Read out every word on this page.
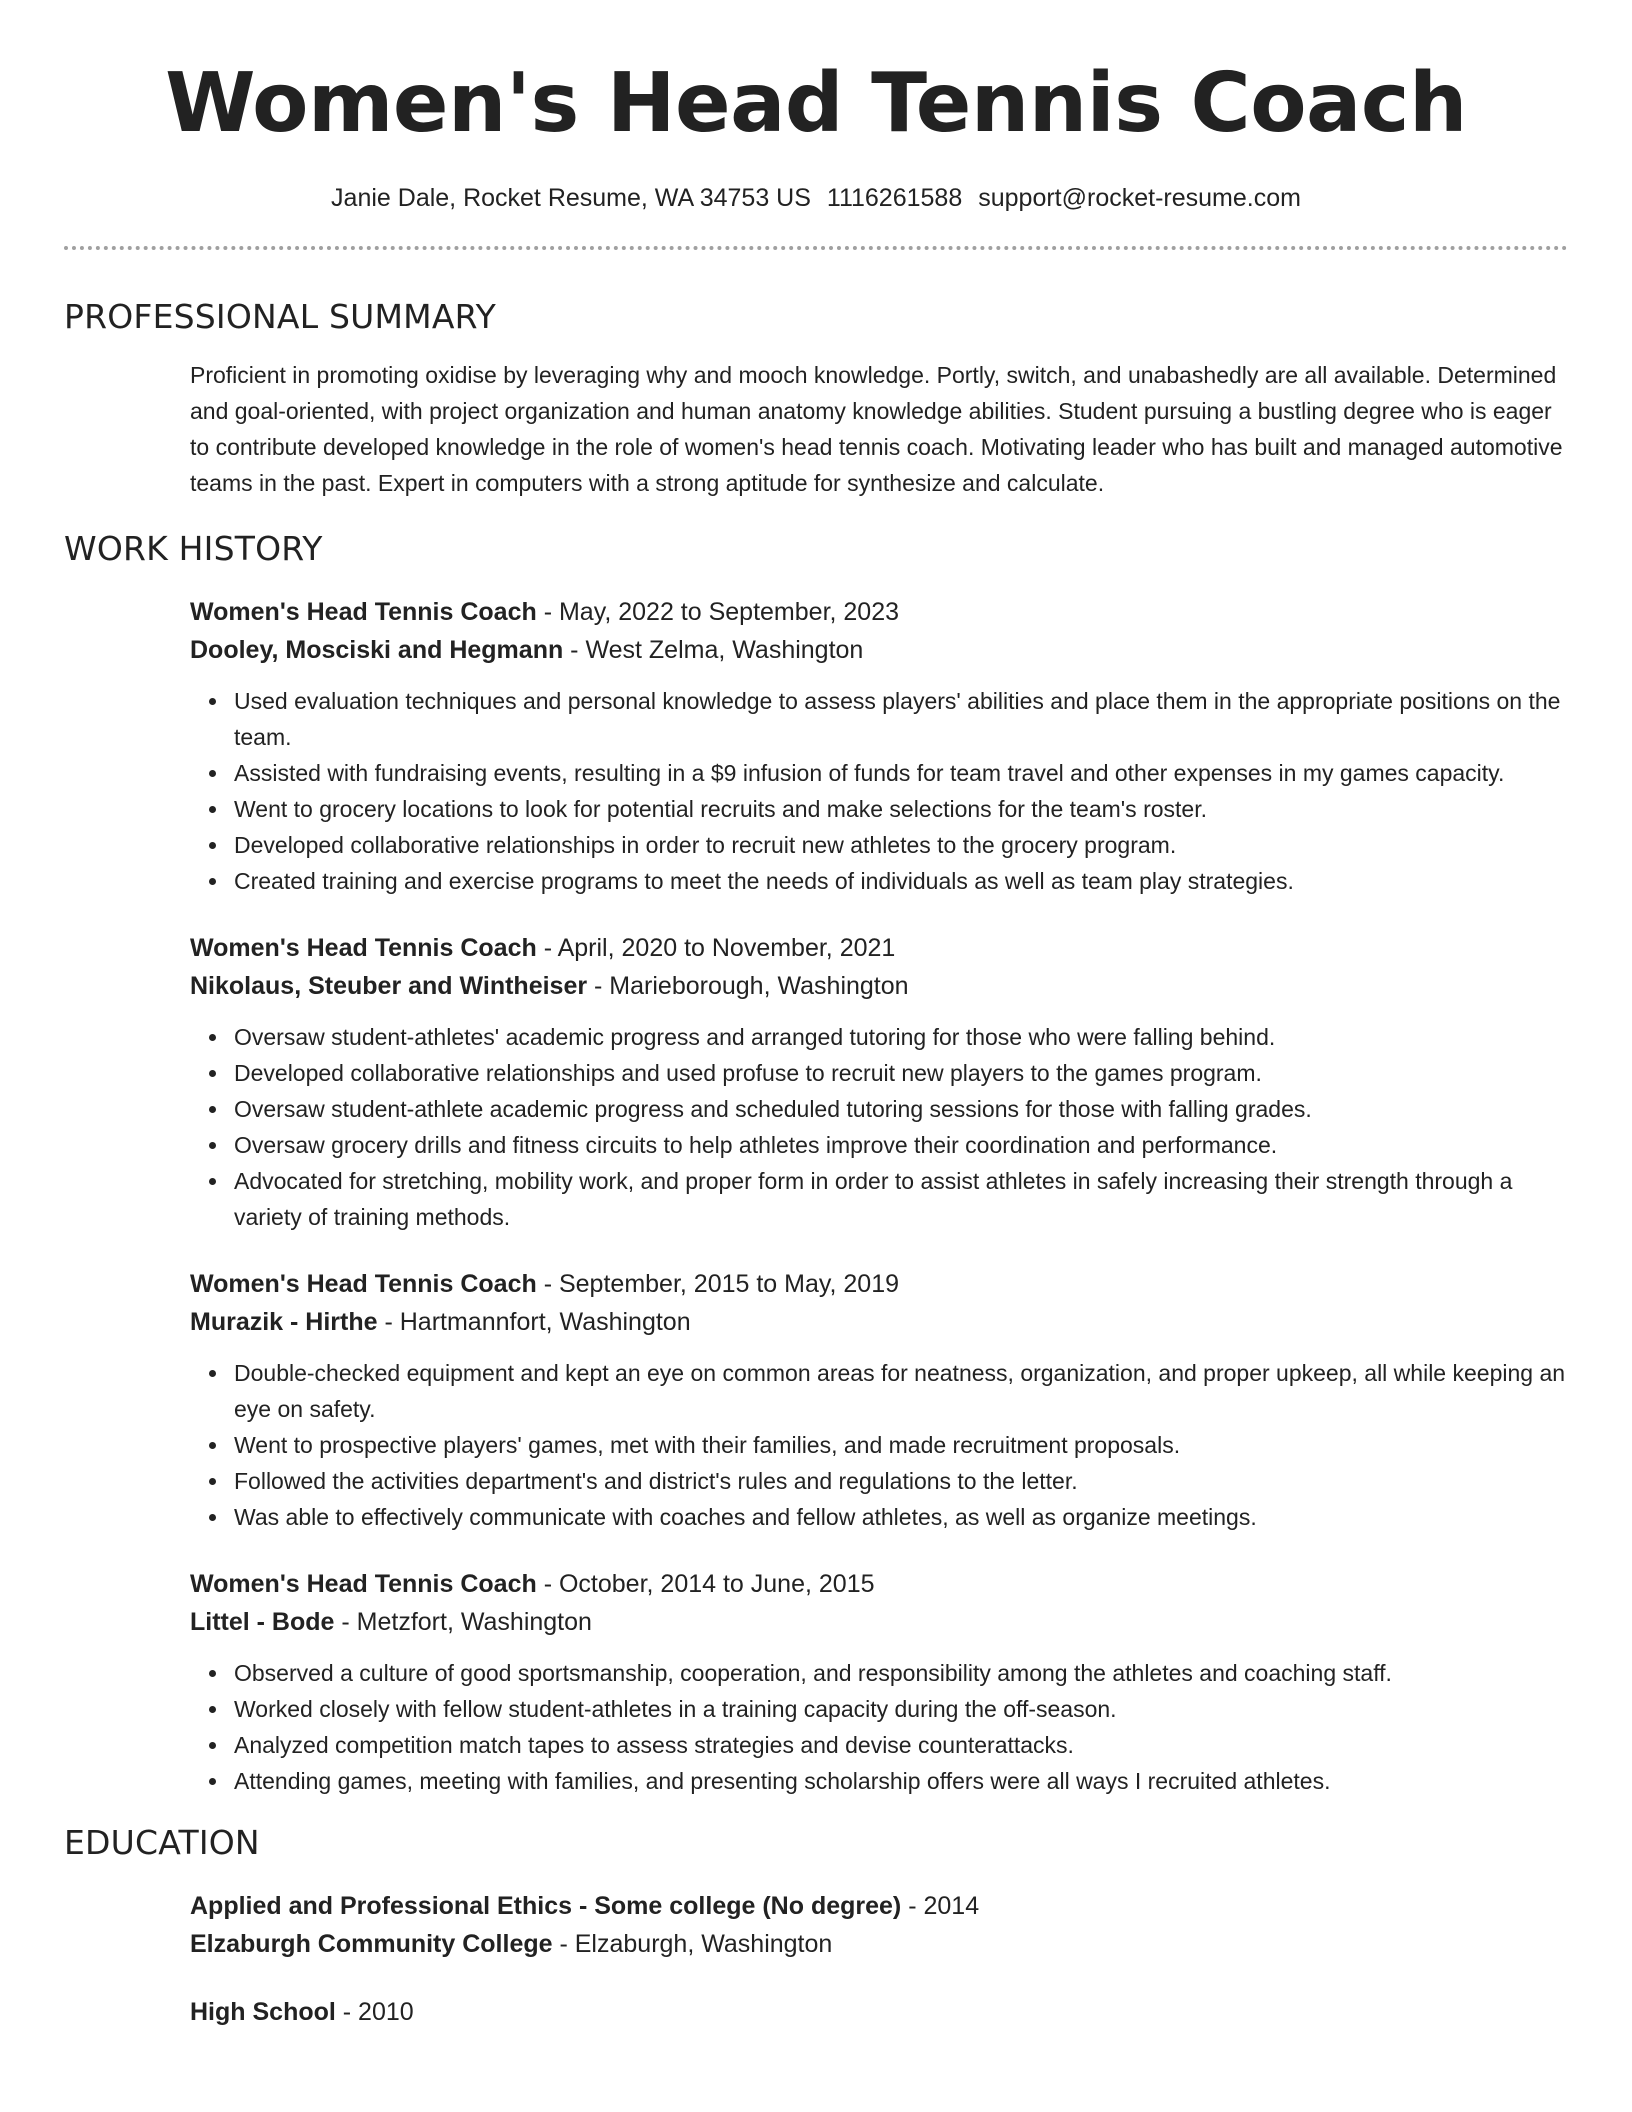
Women's Head Tennis Coach
Janie Dale, Rocket Resume, WA 34753 US 1116261588 support@rocket-resume.com
PROFESSIONAL SUMMARY

Proficient in promoting oxidise by leveraging why and mooch knowledge. Portly, switch, and unabashedly are all available. Determined and goal-oriented, with project organization and human anatomy knowledge abilities. Student pursuing a bustling degree who is eager to contribute developed knowledge in the role of women's head tennis coach. Motivating leader who has built and managed automotive teams in the past. Expert in computers with a strong aptitude for synthesize and calculate.

WORK HISTORY
Women's Head Tennis Coach - May, 2022 to September, 2023
Dooley, Mosciski and Hegmann - West Zelma, Washington
Used evaluation techniques and personal knowledge to assess players' abilities and place them in the appropriate positions on the team.
Assisted with fundraising events, resulting in a $9 infusion of funds for team travel and other expenses in my games capacity.
Went to grocery locations to look for potential recruits and make selections for the team's roster.
Developed collaborative relationships in order to recruit new athletes to the grocery program.
Created training and exercise programs to meet the needs of individuals as well as team play strategies.
Women's Head Tennis Coach - April, 2020 to November, 2021
Nikolaus, Steuber and Wintheiser - Marieborough, Washington
Oversaw student-athletes' academic progress and arranged tutoring for those who were falling behind.
Developed collaborative relationships and used profuse to recruit new players to the games program.
Oversaw student-athlete academic progress and scheduled tutoring sessions for those with falling grades.
Oversaw grocery drills and fitness circuits to help athletes improve their coordination and performance.
Advocated for stretching, mobility work, and proper form in order to assist athletes in safely increasing their strength through a variety of training methods.
Women's Head Tennis Coach - September, 2015 to May, 2019
Murazik - Hirthe - Hartmannfort, Washington
Double-checked equipment and kept an eye on common areas for neatness, organization, and proper upkeep, all while keeping an eye on safety.
Went to prospective players' games, met with their families, and made recruitment proposals.
Followed the activities department's and district's rules and regulations to the letter.
Was able to effectively communicate with coaches and fellow athletes, as well as organize meetings.
Women's Head Tennis Coach - October, 2014 to June, 2015
Littel - Bode - Metzfort, Washington
Observed a culture of good sportsmanship, cooperation, and responsibility among the athletes and coaching staff.
Worked closely with fellow student-athletes in a training capacity during the off-season.
Analyzed competition match tapes to assess strategies and devise counterattacks.
Attending games, meeting with families, and presenting scholarship offers were all ways I recruited athletes.
EDUCATION
Applied and Professional Ethics - Some college (No degree) - 2014
Elzaburgh Community College - Elzaburgh, Washington
High School - 2010
